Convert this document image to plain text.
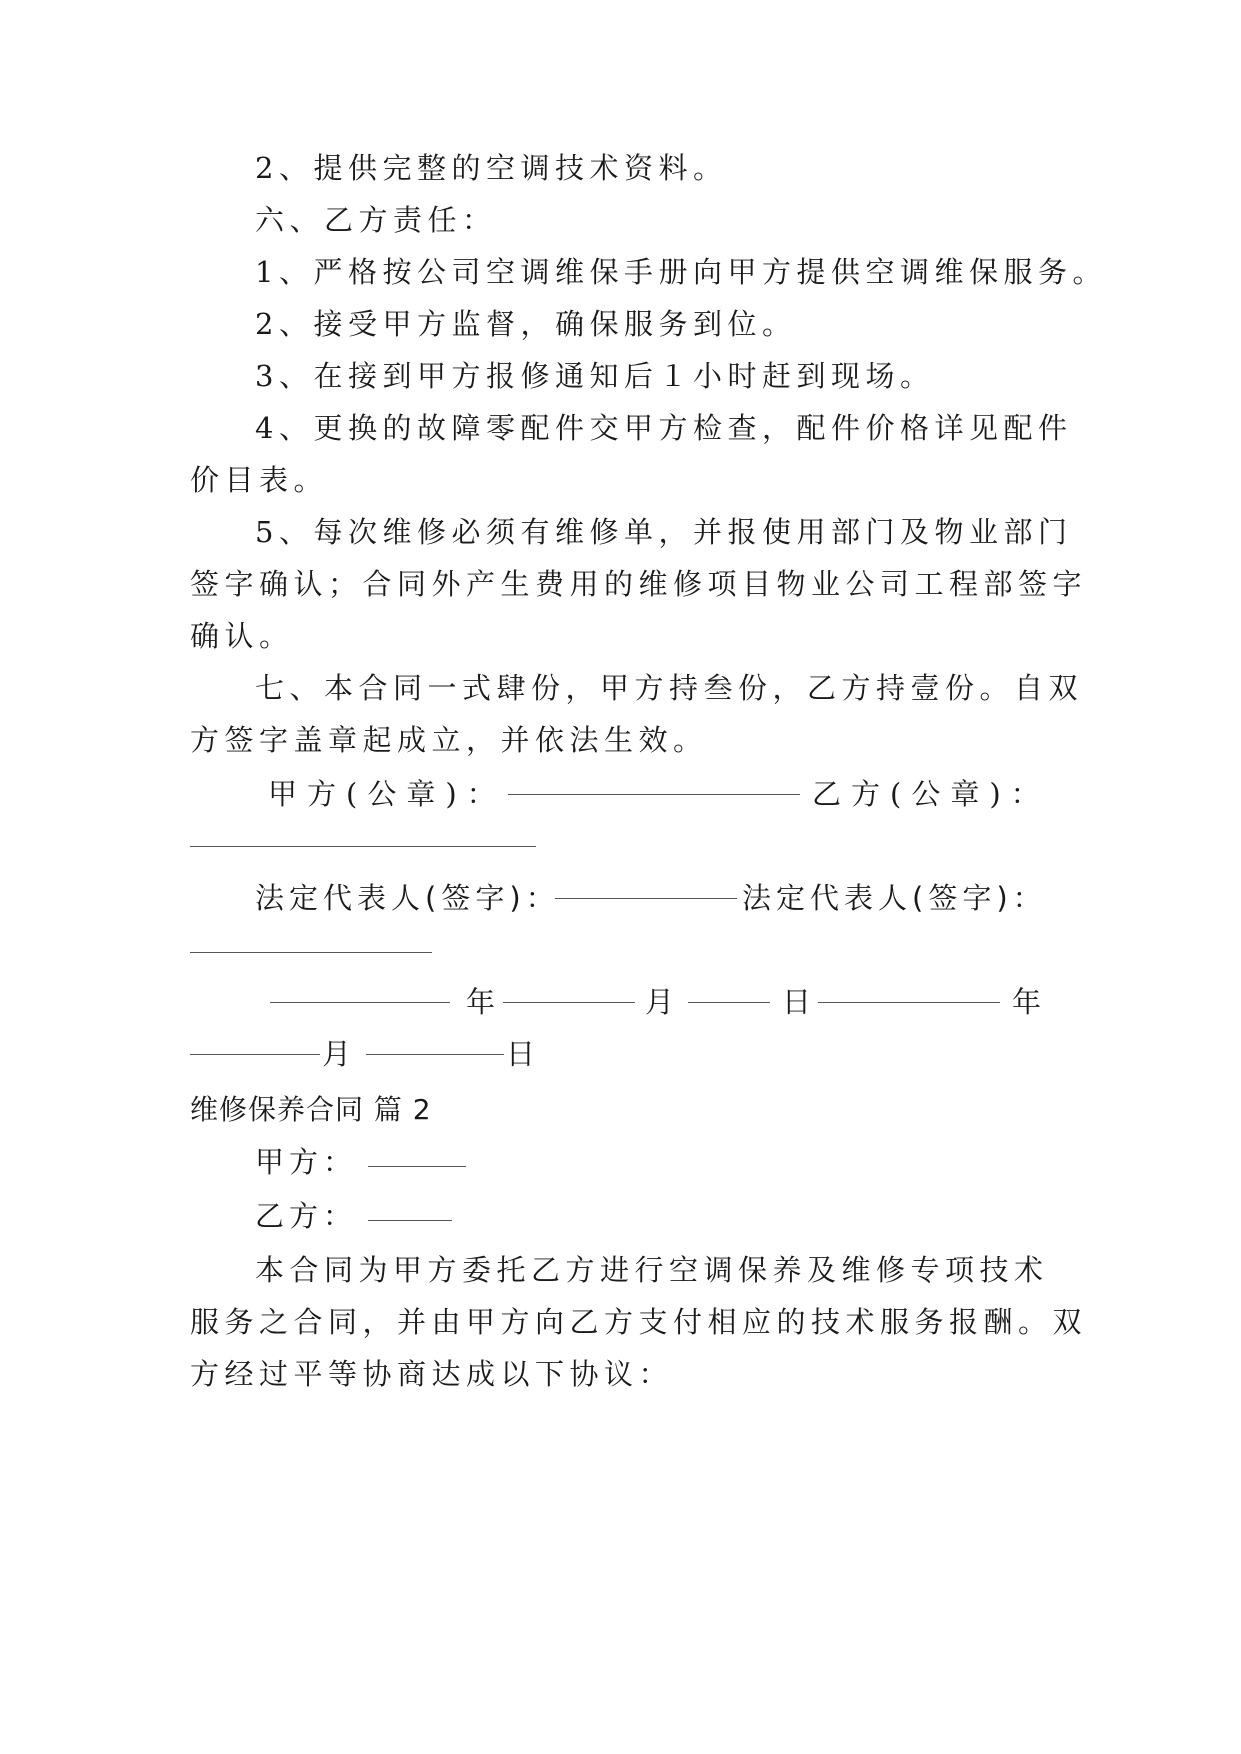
2、提供完整的空调技术资料。
六、乙方责任：
1、严格按公司空调维保手册向甲方提供空调维保服务。
2、接受甲方监督，确保服务到位。
3、在接到甲方报修通知后１小时赶到现场。
4、更换的故障零配件交甲方检查，配件价格详见配件
价目表。
5、每次维修必须有维修单，并报使用部门及物业部门
签字确认；合同外产生费用的维修项目物业公司工程部签字
确认。
七、本合同一式肆份，甲方持叁份，乙方持壹份。自双
方签字盖章起成立，并依法生效。
甲方(公章)：	乙方(公章)：
法定代表人(签字)：	法定代表人(签字)：
年	月	日	年
月	日
维修保养合同 篇 2
甲方：
乙方：
本合同为甲方委托乙方进行空调保养及维修专项技术
服务之合同，并由甲方向乙方支付相应的技术服务报酬。双
方经过平等协商达成以下协议：
